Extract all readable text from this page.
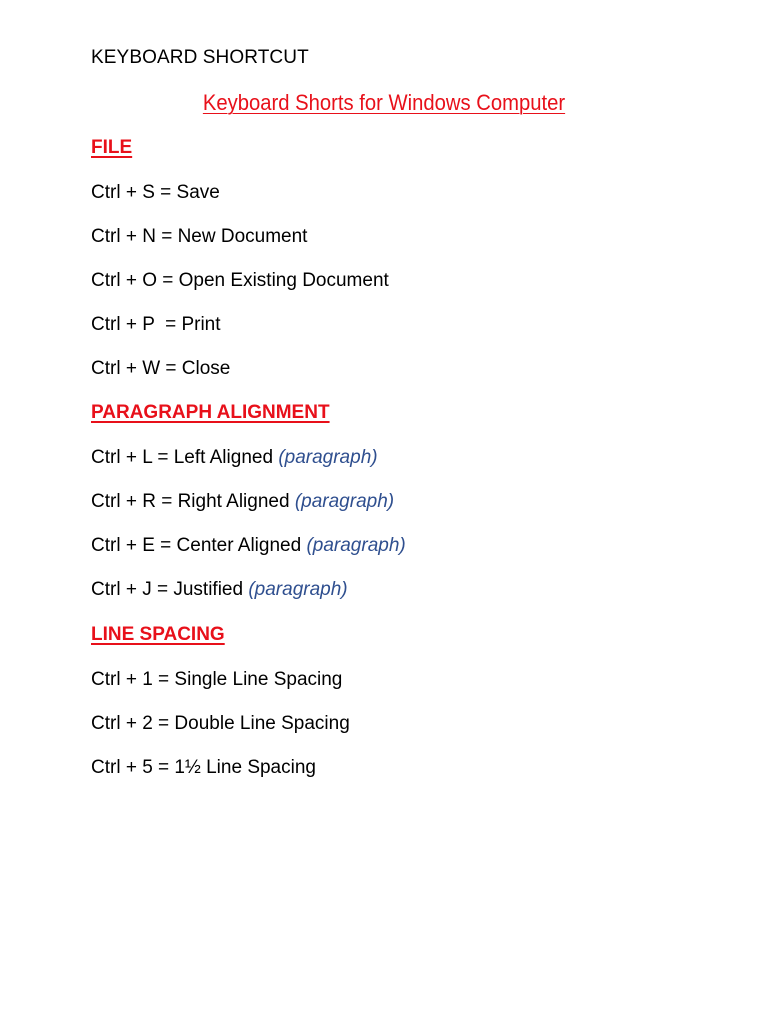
KEYBOARD SHORTCUT
Keyboard Shorts for Windows Computer
FILE
Ctrl + S = Save
Ctrl + N = New Document
Ctrl + O = Open Existing Document
Ctrl + P  = Print
Ctrl + W = Close
PARAGRAPH ALIGNMENT
Ctrl + L = Left Aligned (paragraph)
Ctrl + R = Right Aligned (paragraph)
Ctrl + E = Center Aligned (paragraph)
Ctrl + J = Justified (paragraph)
LINE SPACING
Ctrl + 1 = Single Line Spacing
Ctrl + 2 = Double Line Spacing
Ctrl + 5 = 1½ Line Spacing
